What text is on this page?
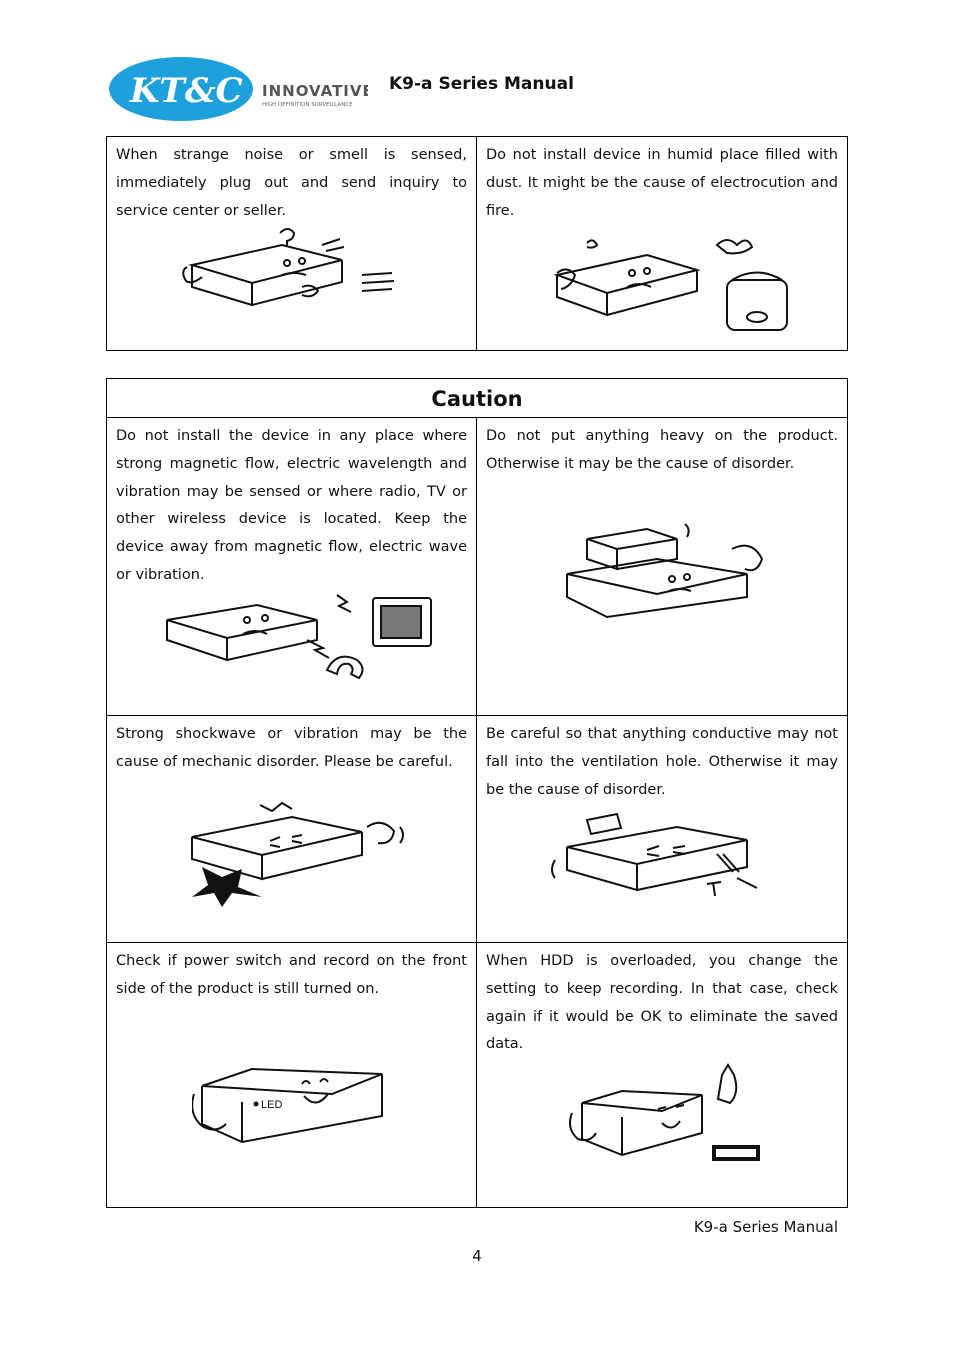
KT&C INNOVATIVE
HIGH DEFINITION SURVEILLANCE
K9-a Series Manual

When strange noise or smell is sensed, immediately plug out and send inquiry to service center or seller.

Do not install device in humid place filled with dust. It might be the cause of electrocution and fire.

Caution	

Do not install the device in any place where strong magnetic flow, electric wavelength and vibration may be sensed or where radio, TV or other wireless device is located. Keep the device away from magnetic flow, electric wave or vibration.	Do not put anything heavy on the product. Otherwise it may be the cause of disorder.

Strong shockwave or vibration may be the cause of mechanic disorder. Please be careful.	Be careful so that anything conductive may not fall into the ventilation hole. Otherwise it may be the cause of disorder.

Check if power switch and record on the front side of the product is still turned on.

LED	When HDD is overloaded, you change the setting to keep recording. In that case, check again if it would be OK to eliminate the saved data.

K9-a Series Manual
4
